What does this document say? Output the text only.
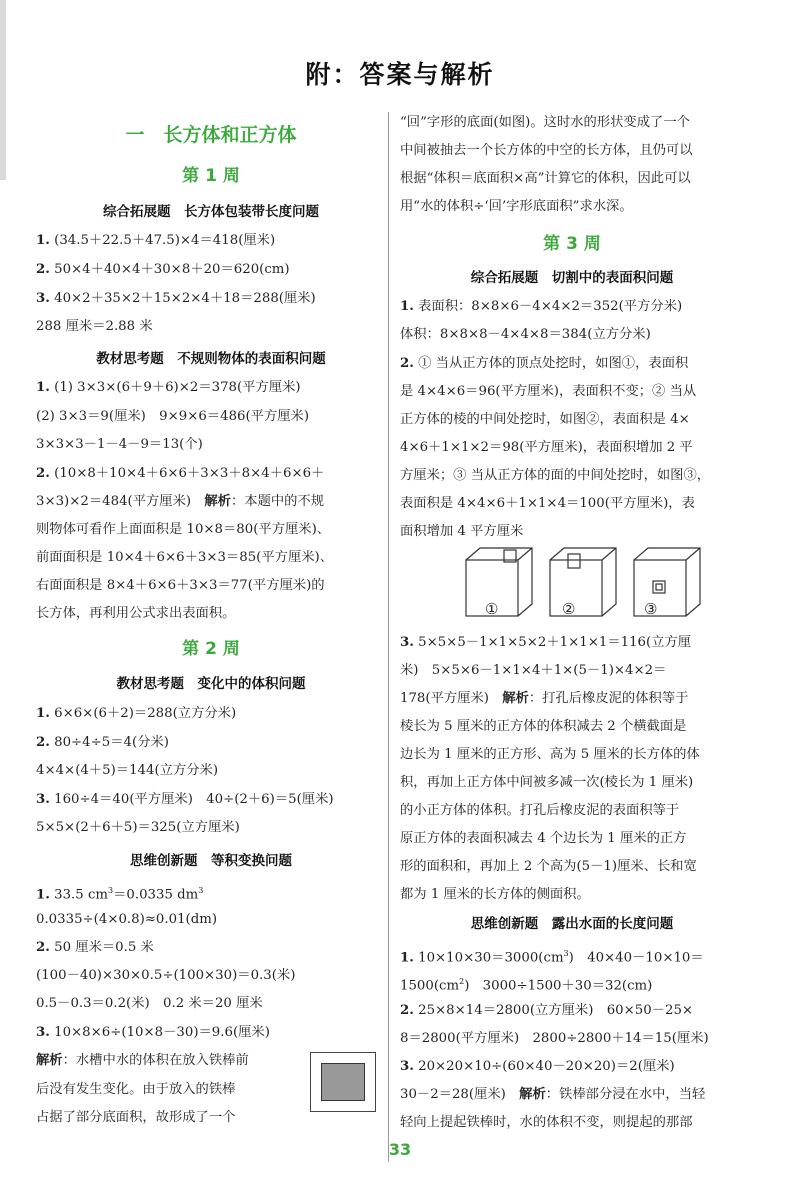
附：答案与解析
一　长方体和正方体
第 1 周
综合拓展题　长方体包装带长度问题
1. (34.5＋22.5＋47.5)×4＝418(厘米)
2. 50×4＋40×4＋30×8＋20＝620(cm)
3. 40×2＋35×2＋15×2×4＋18＝288(厘米)
288 厘米＝2.88 米
教材思考题　不规则物体的表面积问题
1. (1) 3×3×(6＋9＋6)×2＝378(平方厘米)
(2) 3×3＝9(厘米)　9×9×6＝486(平方厘米)
3×3×3－1－4－9＝13(个)
2. (10×8＋10×4＋6×6＋3×3＋8×4＋6×6＋
3×3)×2＝484(平方厘米)　解析：本题中的不规
则物体可看作上面面积是 10×8＝80(平方厘米)、
前面面积是 10×4＋6×6＋3×3＝85(平方厘米)、
右面面积是 8×4＋6×6＋3×3＝77(平方厘米)的
长方体，再利用公式求出表面积。
第 2 周
教材思考题　变化中的体积问题
1. 6×6×(6＋2)＝288(立方分米)
2. 80÷4÷5＝4(分米)
4×4×(4＋5)＝144(立方分米)
3. 160÷4＝40(平方厘米)　40÷(2＋6)＝5(厘米)
5×5×(2＋6＋5)＝325(立方厘米)
思维创新题　等积变换问题
1. 33.5 $cm^3=0.0335$ $dm^3$
0.0335÷(4×0.8)≈0.01(dm)
2. 50 厘米＝0.5 米
(100－40)×30×0.5÷(100×30)＝0.3(米)
0.5－0.3＝0.2(米)　0.2 米＝20 厘米
3. 10×8×6÷(10×8－30)＝9.6(厘米)
解析：水槽中水的体积在放入铁棒前
后没有发生变化。由于放入的铁棒
占据了部分底面积，故形成了一个
“回”字形的底面(如图)。这时水的形状变成了一个
中间被抽去一个长方体的中空的长方体，且仍可以
根据“体积＝底面积×高”计算它的体积，因此可以
用“水的体积÷‘回’字形底面积”求水深。
第 3 周
综合拓展题　切割中的表面积问题
1. 表面积：8×8×6－4×4×2＝352(平方分米)
体积：8×8×8－4×4×8＝384(立方分米)
2. ① 当从正方体的顶点处挖时，如图①，表面积
是 4×4×6＝96(平方厘米)，表面积不变；② 当从
正方体的棱的中间处挖时，如图②，表面积是 4×
4×6＋1×1×2＝98(平方厘米)，表面积增加 2 平
方厘米；③ 当从正方体的面的中间处挖时，如图③，
表面积是 4×4×6＋1×1×4＝100(平方厘米)，表
面积增加 4 平方厘米
①	②	③
3. 5×5×5－1×1×5×2＋1×1×1＝116(立方厘
米)　5×5×6－1×1×4＋1×(5－1)×4×2＝
178(平方厘米)　解析：打孔后橡皮泥的体积等于
棱长为 5 厘米的正方体的体积减去 2 个横截面是
边长为 1 厘米的正方形、高为 5 厘米的长方体的体
积，再加上正方体中间被多减一次(棱长为 1 厘米)
的小正方体的体积。打孔后橡皮泥的表面积等于
原正方体的表面积减去 4 个边长为 1 厘米的正方
形的面积和，再加上 2 个高为(5－1)厘米、长和宽
都为 1 厘米的长方体的侧面积。
思维创新题　露出水面的长度问题
1. $10\times 10\times 30=3000(cm^3)$　40×40－10×10＝
$1500(cm^2)$　3000÷1500＋30＝32(cm)
2. 25×8×14＝2800(立方厘米)　60×50－25×
8＝2800(平方厘米)　2800÷2800＋14＝15(厘米)
3. 20×20×10÷(60×40－20×20)＝2(厘米)
30－2＝28(厘米)　解析：铁棒部分浸在水中，当轻
轻向上提起铁棒时，水的体积不变，则提起的那部
33
